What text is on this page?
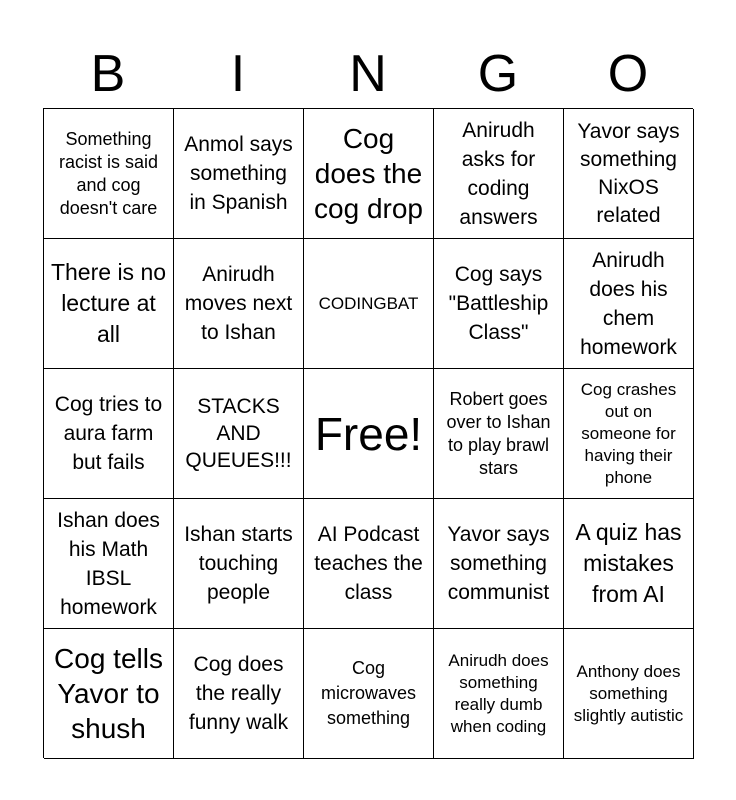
B	I	N	G	O
Something racist is said and cog doesn't care
Anmol says something in Spanish
Cog does the cog drop
Anirudh asks for coding answers
Yavor says something NixOS related
There is no lecture at all
Anirudh moves next to Ishan
CODINGBAT
Cog says "Battleship Class"
Anirudh does his chem homework
Cog tries to aura farm but fails
STACKS AND QUEUES!!!
Free!
Robert goes over to Ishan to play brawl stars
Cog crashes out on someone for having their phone
Ishan does his Math IBSL homework
Ishan starts touching people
AI Podcast teaches the class
Yavor says something communist
A quiz has mistakes from AI
Cog tells Yavor to shush
Cog does the really funny walk
Cog microwaves something
Anirudh does something really dumb when coding
Anthony does something slightly autistic
